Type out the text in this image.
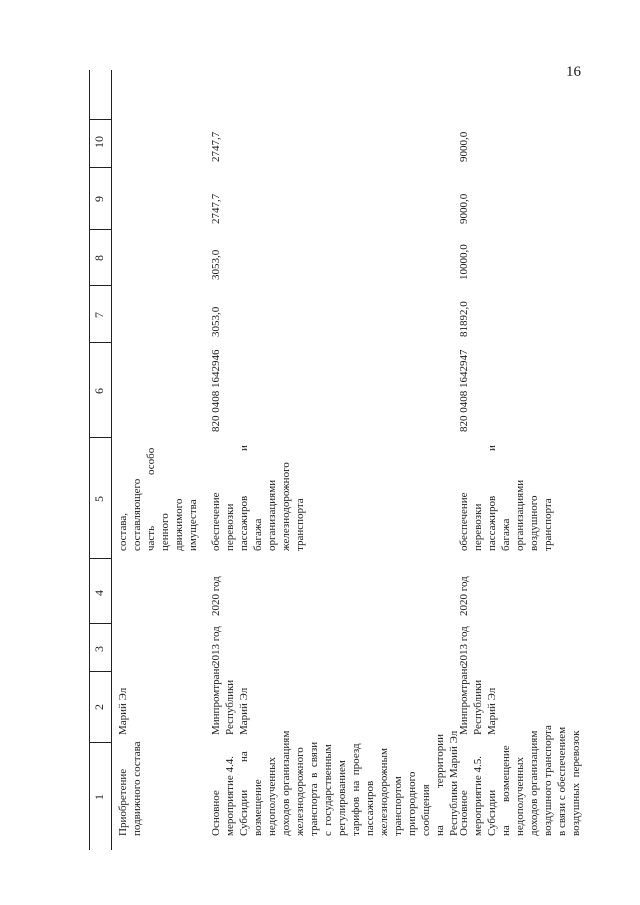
16
1
2
3
4
5
6
7
8
9
10
Приобретение подвижного состава
Марий Эл
состава, составляющего часть
особо
ценного движимого имущества
Основное мероприятие 4.4. Субсидии
на
возмещение недополученных доходов организациям железнодорожного транспорта  в  связи с  государственным регулированием тарифов  на  проезд пассажиров железнодорожным транспортом пригородного сообщения на
территории Республики Марий Эл
Минпромтранс Республики Марий Эл
2013 год
2020 год
обеспечение перевозки пассажиров
и
багажа организациями железнодорожного транспорта
820 0408 1642946
3053,0
3053,0
2747,7
2747,7
Основное мероприятие 4.5. Субсидии на
возмещение недополученных доходов организациям воздушного транспорта в связи с обеспечением воздушных  перевозок
Минпромтранс Республики Марий Эл
2013 год
2020 год
обеспечение перевозки пассажиров
и
багажа организациями воздушного транспорта
820 0408 1642947
81892,0
10000,0
9000,0
9000,0
